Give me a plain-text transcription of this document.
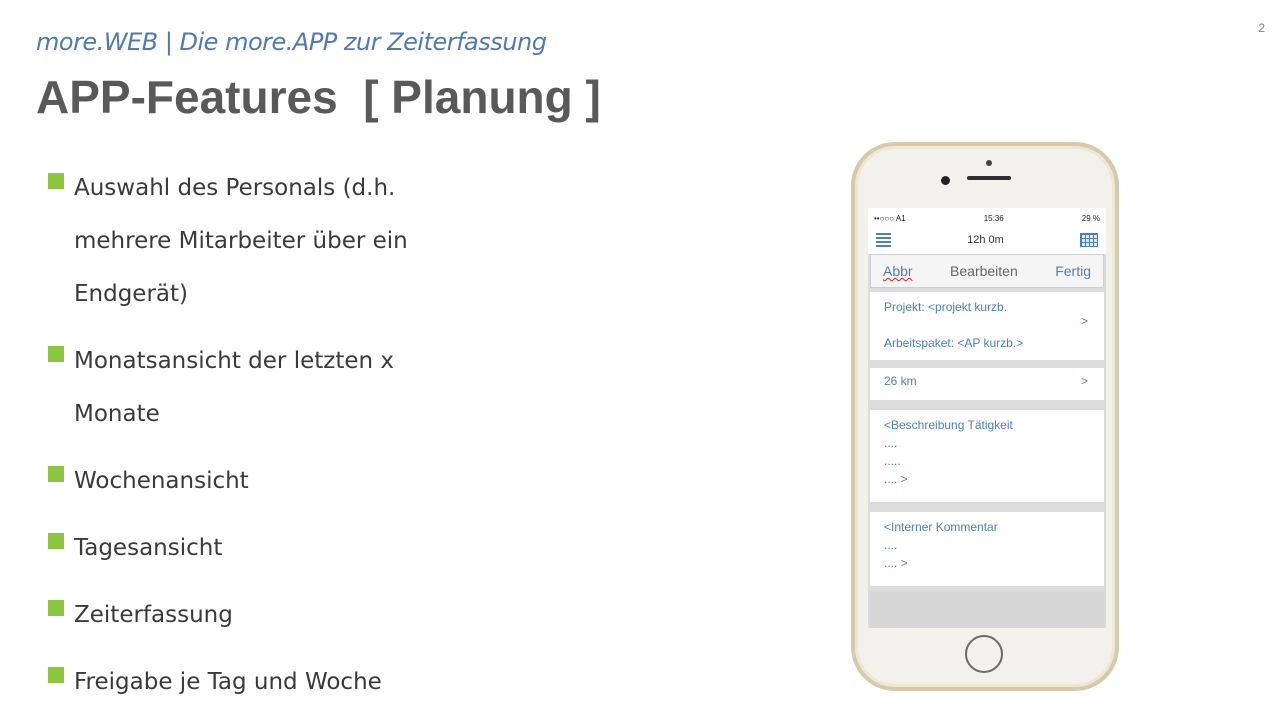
more.WEB | Die more.APP zur Zeiterfassung
APP-Features  [ Planung ]
2
Auswahl des Personals (d.h. mehrere Mitarbeiter über ein Endgerät)
Monatsansicht der letzten x Monate
Wochenansicht
Tagesansicht
Zeiterfassung
Freigabe je Tag und Woche
••○○○ A1	15:36	29 %
12h 0m
Abbr	Bearbeiten	Fertig
Projekt: <projekt kurzb.
>
Arbeitspaket: <AP kurzb.>
26 km	>
<Beschreibung Tätigkeit
....
.....
.... >
<Interner Kommentar
....
.... >
